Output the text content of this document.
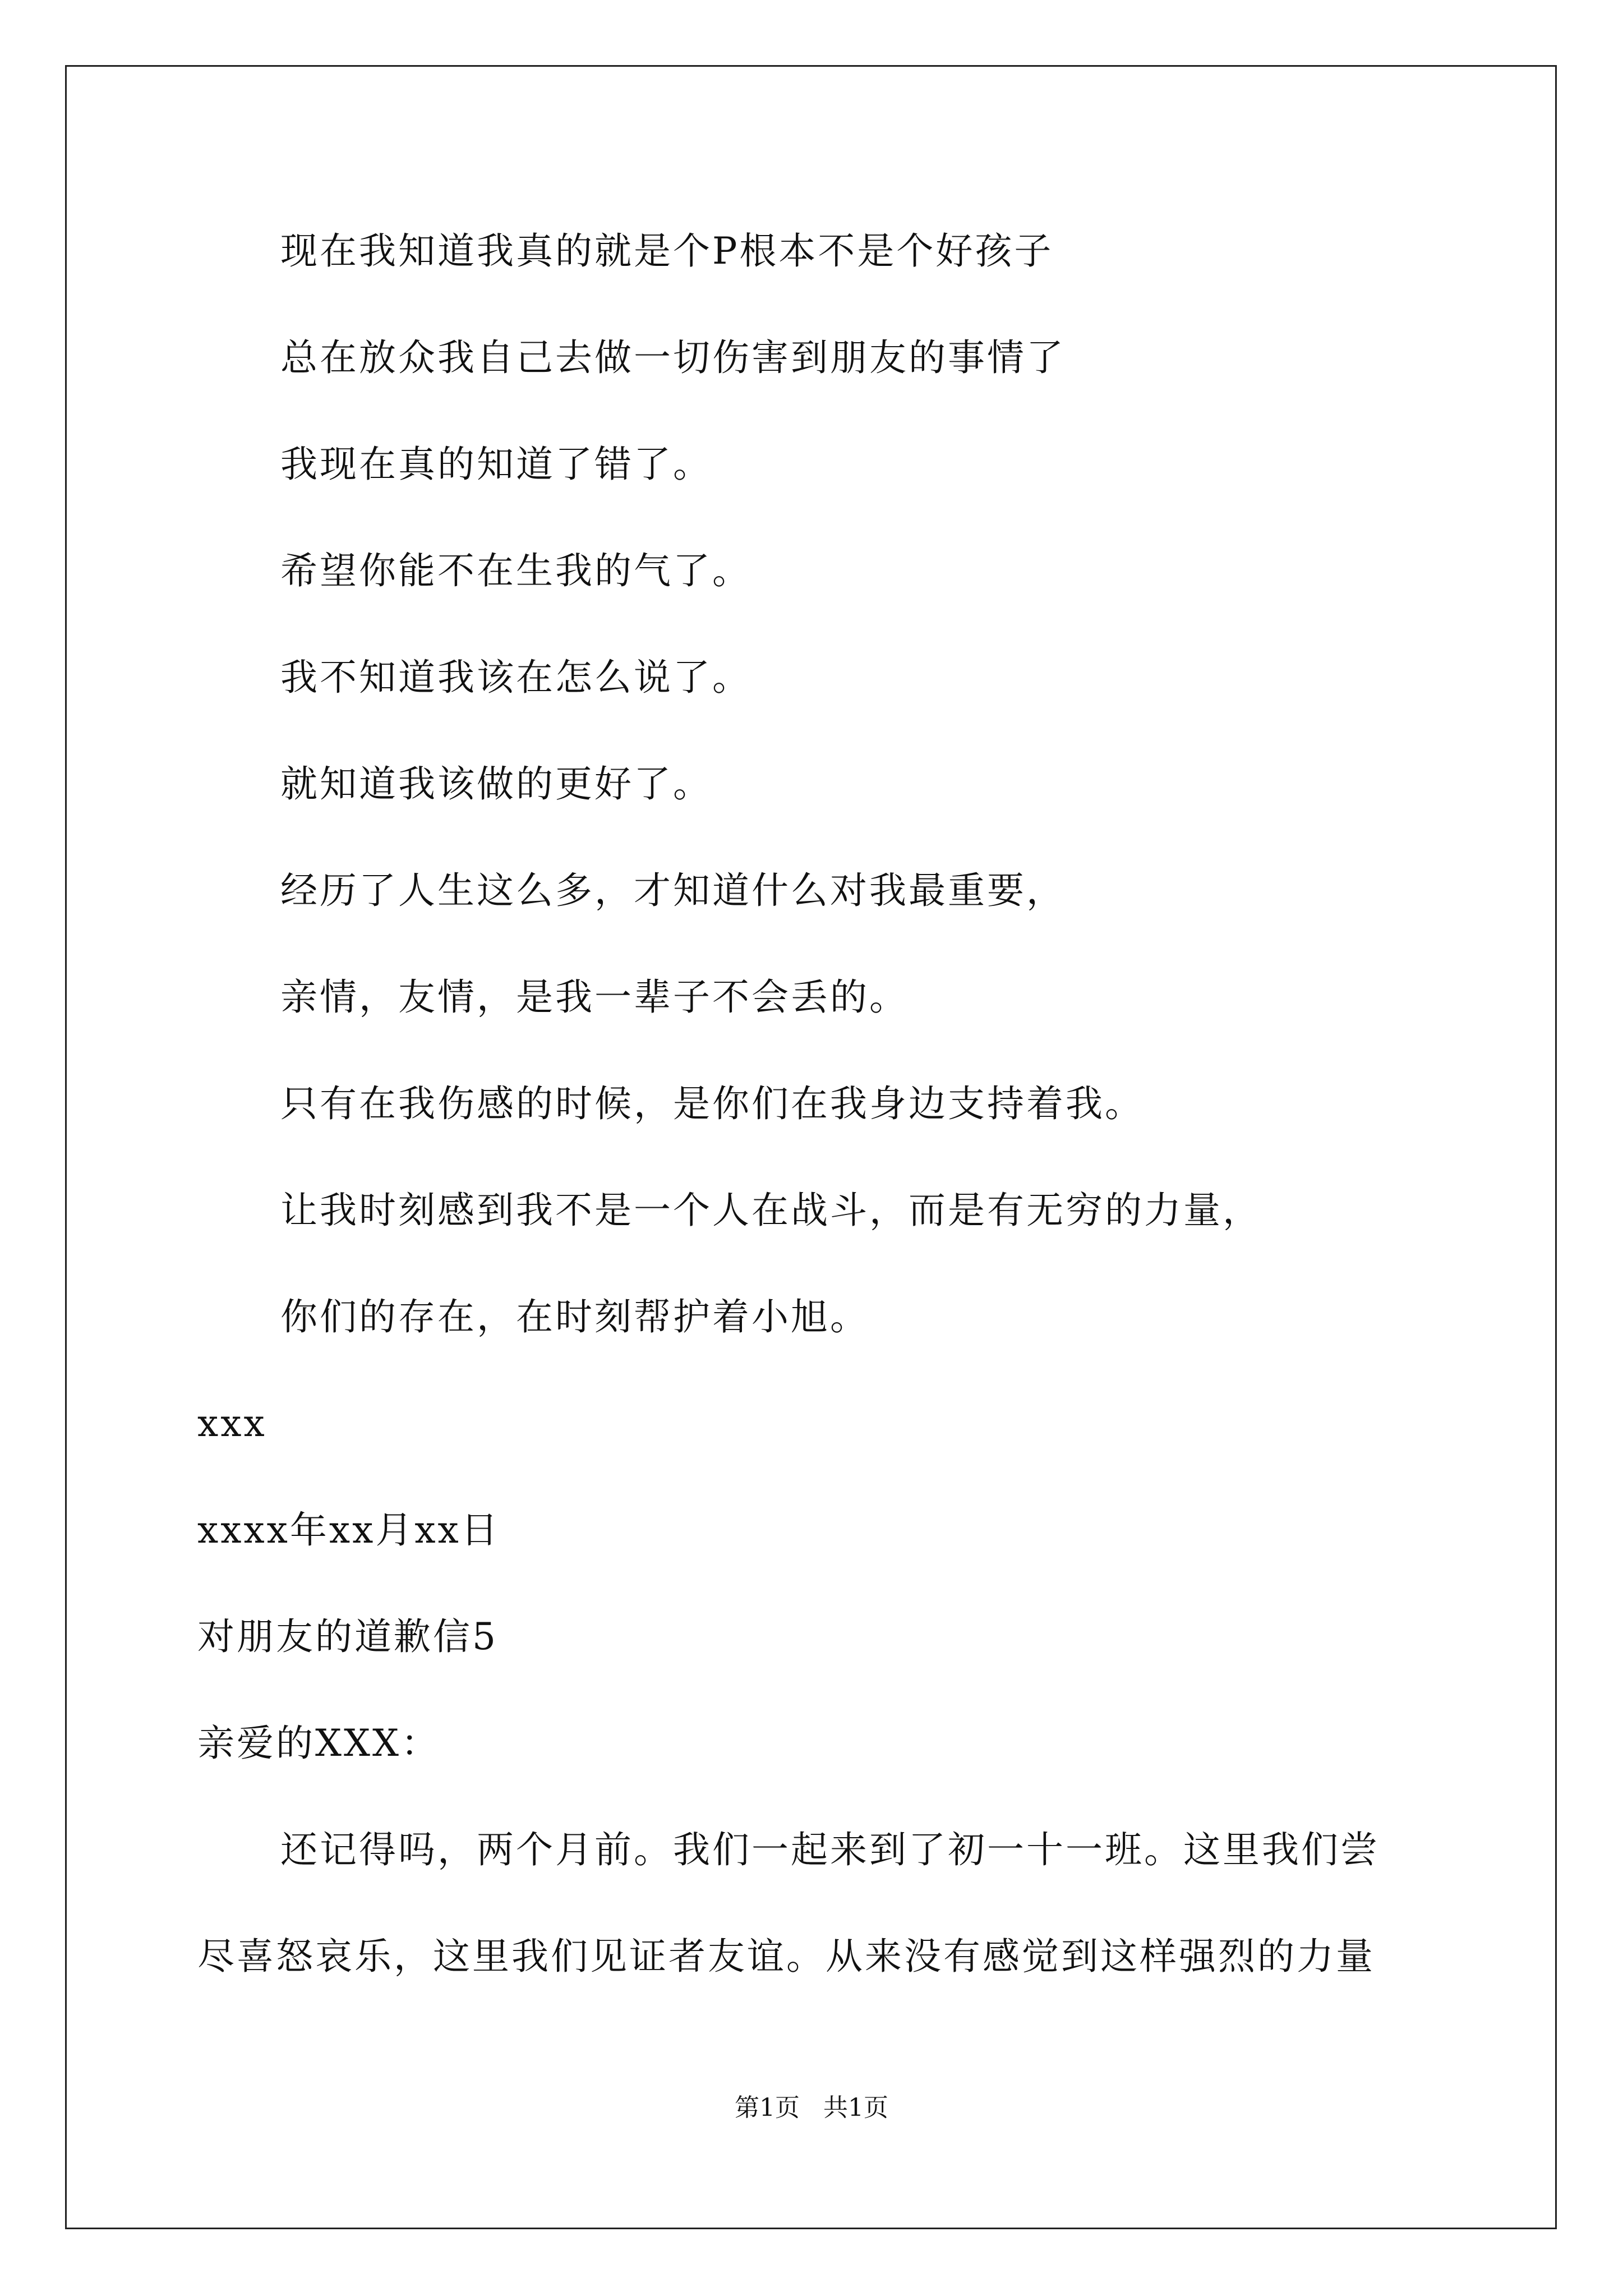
现在我知道我真的就是个P根本不是个好孩子
总在放众我自己去做一切伤害到朋友的事情了
我现在真的知道了错了。
希望你能不在生我的气了。
我不知道我该在怎么说了。
就知道我该做的更好了。
经历了人生这么多，才知道什么对我最重要，
亲情，友情，是我一辈子不会丢的。
只有在我伤感的时候，是你们在我身边支持着我。
让我时刻感到我不是一个人在战斗，而是有无穷的力量，
你们的存在，在时刻帮护着小旭。
xxx
xxxx年xx月xx日
对朋友的道歉信5
亲爱的XXX：
还记得吗，两个月前。我们一起来到了初一十一班。这里我们尝
尽喜怒哀乐，这里我们见证者友谊。从来没有感觉到这样强烈的力量
第1页   共1页
